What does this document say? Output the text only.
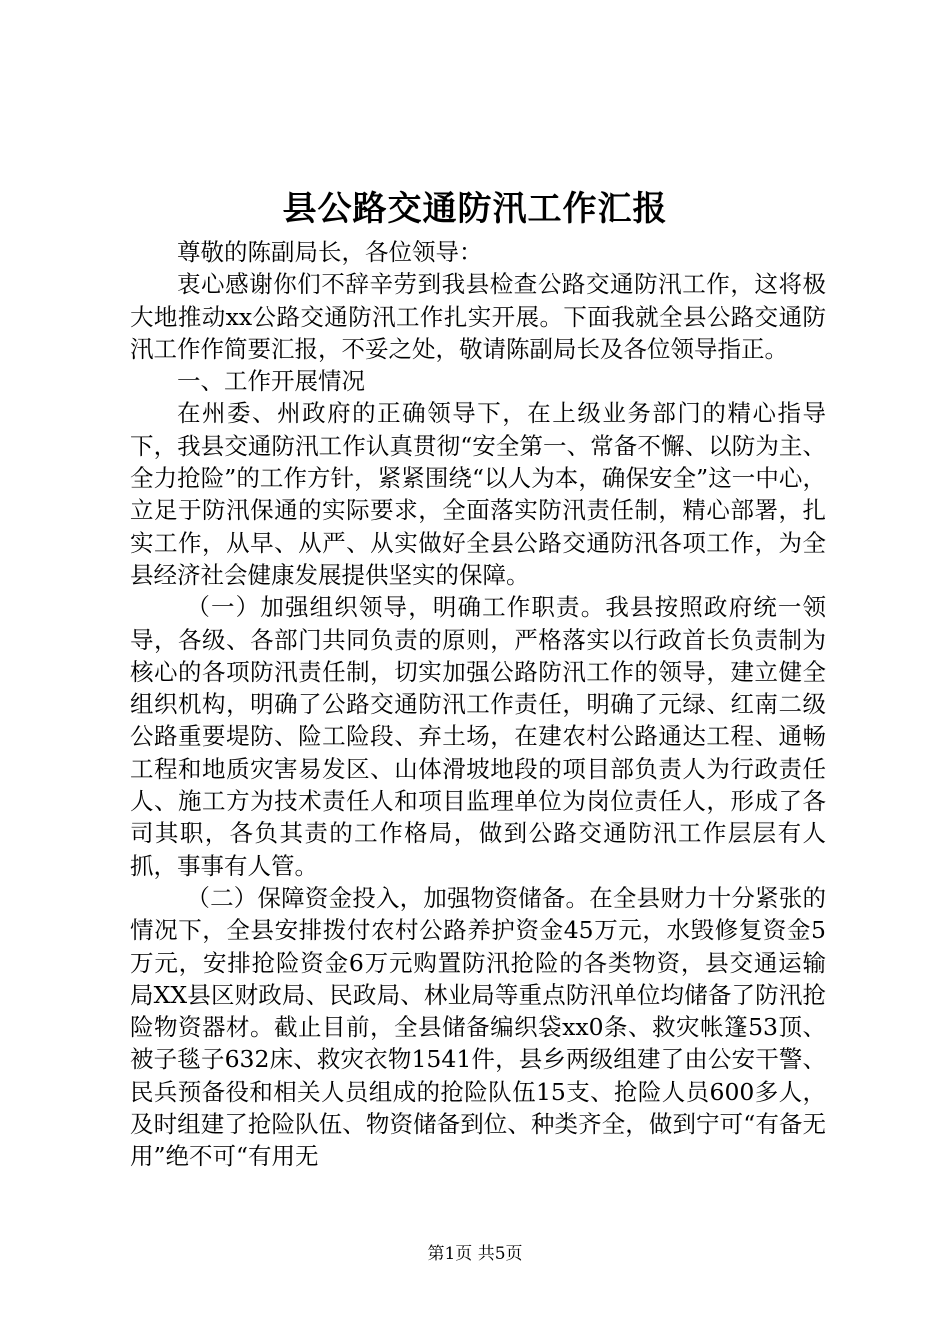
县公路交通防汛工作汇报

尊敬的陈副局长，各位领导：

衷心感谢你们不辞辛劳到我县检查公路交通防汛工作，这将极大地推动xx公路交通防汛工作扎实开展。下面我就全县公路交通防汛工作作简要汇报，不妥之处，敬请陈副局长及各位领导指正。

一、工作开展情况

在州委、州政府的正确领导下，在上级业务部门的精心指导下，我县交通防汛工作认真贯彻“安全第一、常备不懈、以防为主、全力抢险”的工作方针，紧紧围绕“以人为本，确保安全”这一中心，立足于防汛保通的实际要求，全面落实防汛责任制，精心部署，扎实工作，从早、从严、从实做好全县公路交通防汛各项工作，为全县经济社会健康发展提供坚实的保障。

（一）加强组织领导，明确工作职责。我县按照政府统一领导，各级、各部门共同负责的原则，严格落实以行政首长负责制为核心的各项防汛责任制，切实加强公路防汛工作的领导，建立健全组织机构，明确了公路交通防汛工作责任，明确了元绿、红南二级公路重要堤防、险工险段、弃土场，在建农村公路通达工程、通畅工程和地质灾害易发区、山体滑坡地段的项目部负责人为行政责任人、施工方为技术责任人和项目监理单位为岗位责任人，形成了各司其职，各负其责的工作格局，做到公路交通防汛工作层层有人抓，事事有人管。

（二）保障资金投入，加强物资储备。在全县财力十分紧张的情况下，全县安排拨付农村公路养护资金45万元，水毁修复资金5万元，安排抢险资金6万元购置防汛抢险的各类物资，县交通运输局XX县区财政局、民政局、林业局等重点防汛单位均储备了防汛抢险物资器材。截止目前，全县储备编织袋xx0条、救灾帐篷53顶、被子毯子632床、救灾衣物1541件，县乡两级组建了由公安干警、民兵预备役和相关人员组成的抢险队伍15支、抢险人员600多人，及时组建了抢险队伍、物资储备到位、种类齐全，做到宁可“有备无用”绝不可“有用无

第1页 共5页
